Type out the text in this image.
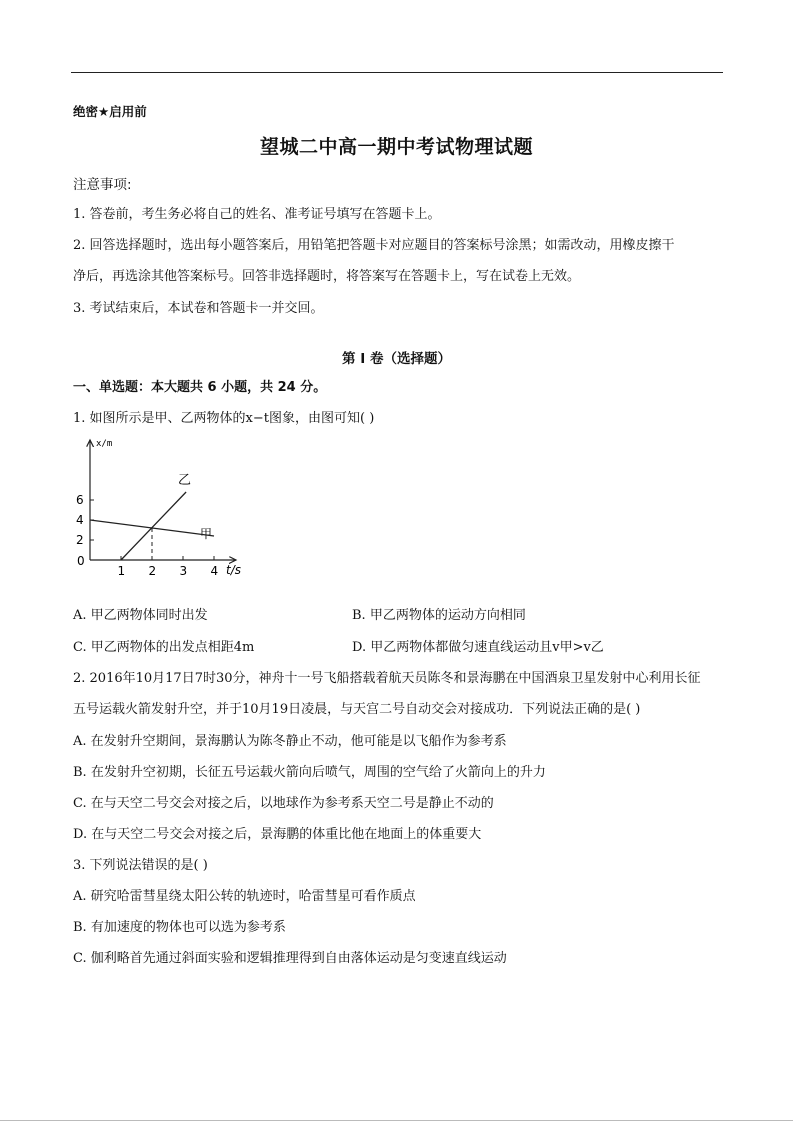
绝密★启用前
望城二中高一期中考试物理试题
注意事项:
1. 答卷前，考生务必将自己的姓名、准考证号填写在答题卡上。
2. 回答选择题时，选出每小题答案后，用铅笔把答题卡对应题目的答案标号涂黑；如需改动，用橡皮擦干
净后，再选涂其他答案标号。回答非选择题时，将答案写在答题卡上，写在试卷上无效。
3. 考试结束后，本试卷和答题卡一并交回。
第 I 卷（选择题）
一、单选题：本大题共 6 小题，共 24 分。
1. 如图所示是甲、乙两物体的x−t图象，由图可知( )
x/m
t/s
0
乙
甲
1 2 3 4
2
4
6
A. 甲乙两物体同时出发	B. 甲乙两物体的运动方向相同
C. 甲乙两物体的出发点相距4m	D. 甲乙两物体都做匀速直线运动且v甲>v乙
2. 2016年10月17日7时30分，神舟十一号飞船搭载着航天员陈冬和景海鹏在中国酒泉卫星发射中心利用长征
五号运载火箭发射升空，并于10月19日凌晨，与天宫二号自动交会对接成功．下列说法正确的是( )
A. 在发射升空期间，景海鹏认为陈冬静止不动，他可能是以飞船作为参考系
B. 在发射升空初期，长征五号运载火箭向后喷气，周围的空气给了火箭向上的升力
C. 在与天空二号交会对接之后，以地球作为参考系天空二号是静止不动的
D. 在与天空二号交会对接之后，景海鹏的体重比他在地面上的体重要大
3. 下列说法错误的是( )
A. 研究哈雷彗星绕太阳公转的轨迹时，哈雷彗星可看作质点
B. 有加速度的物体也可以选为参考系
C. 伽利略首先通过斜面实验和逻辑推理得到自由落体运动是匀变速直线运动
